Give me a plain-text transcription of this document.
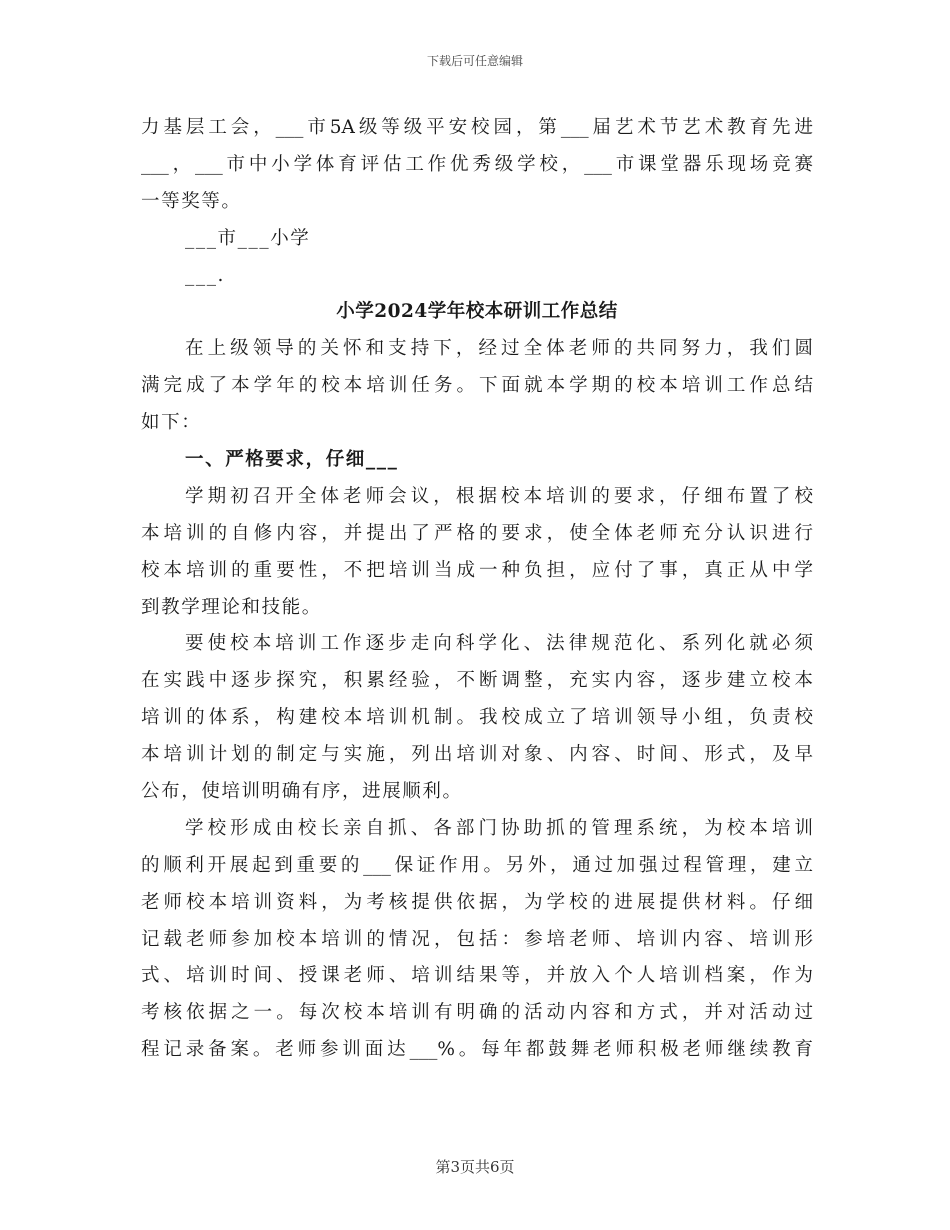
下载后可任意编辑
力基层工会，___市5A级等级平安校园，第___届艺术节艺术教育先进
___，___市中小学体育评估工作优秀级学校，___市课堂器乐现场竞赛
一等奖等。
___市___小学
___.
小学2024学年校本研训工作总结
在上级领导的关怀和支持下，经过全体老师的共同努力，我们圆
满完成了本学年的校本培训任务。下面就本学期的校本培训工作总结
如下：
一、严格要求，仔细___
学期初召开全体老师会议，根据校本培训的要求，仔细布置了校
本培训的自修内容，并提出了严格的要求，使全体老师充分认识进行
校本培训的重要性，不把培训当成一种负担，应付了事，真正从中学
到教学理论和技能。
要使校本培训工作逐步走向科学化、法律规范化、系列化就必须
在实践中逐步探究，积累经验，不断调整，充实内容，逐步建立校本
培训的体系，构建校本培训机制。我校成立了培训领导小组，负责校
本培训计划的制定与实施，列出培训对象、内容、时间、形式，及早
公布，使培训明确有序，进展顺利。
学校形成由校长亲自抓、各部门协助抓的管理系统，为校本培训
的顺利开展起到重要的___保证作用。另外，通过加强过程管理，建立
老师校本培训资料，为考核提供依据，为学校的进展提供材料。仔细
记载老师参加校本培训的情况，包括：参培老师、培训内容、培训形
式、培训时间、授课老师、培训结果等，并放入个人培训档案，作为
考核依据之一。每次校本培训有明确的活动内容和方式，并对活动过
程记录备案。老师参训面达___%。每年都鼓舞老师积极老师继续教育
第3页共6页
